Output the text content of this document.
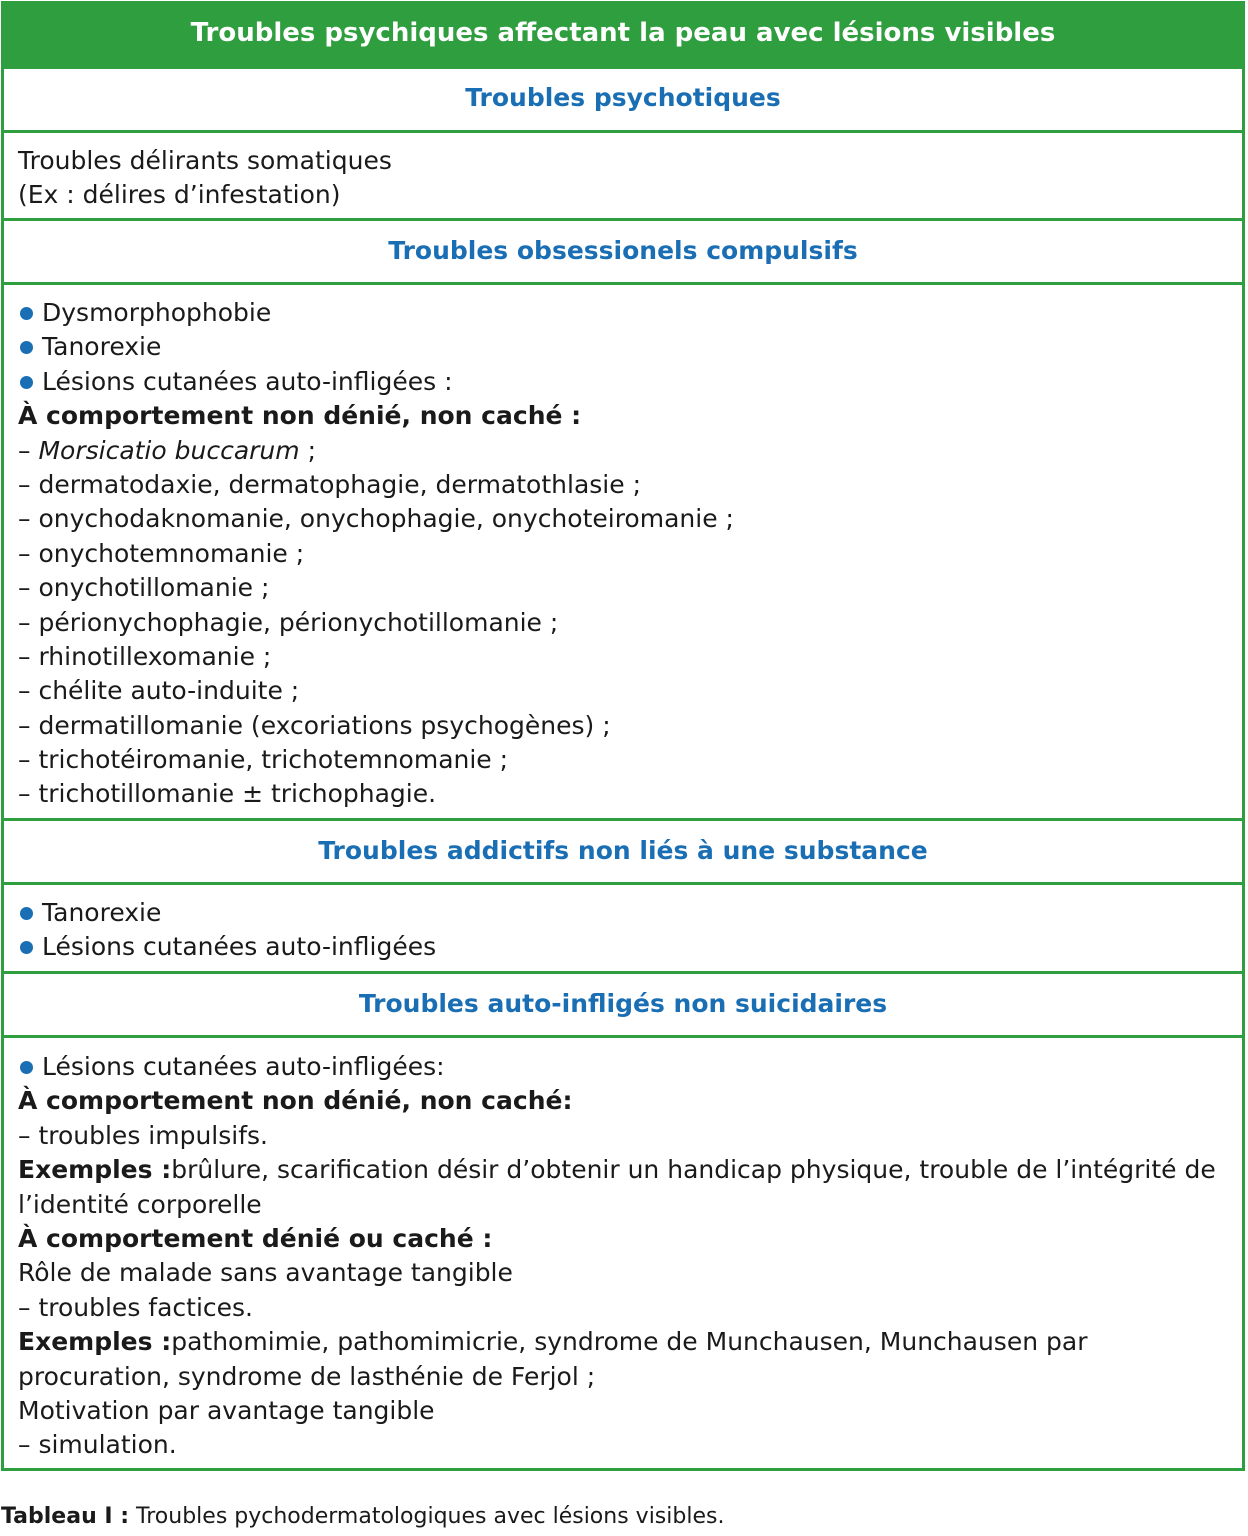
Troubles psychiques affectant la peau avec lésions visibles
Troubles psychotiques
Troubles délirants somatiques
(Ex : délires d’infestation)
Troubles obsessionels compulsifs
Dysmorphophobie
Tanorexie
Lésions cutanées auto-infligées :
À comportement non dénié, non caché :
– Morsicatio buccarum ;
– dermatodaxie, dermatophagie, dermatothlasie ;
– onychodaknomanie, onychophagie, onychoteiromanie ;
– onychotemnomanie ;
– onychotillomanie ;
– périonychophagie, périonychotillomanie ;
– rhinotillexomanie ;
– chélite auto-induite ;
– dermatillomanie (excoriations psychogènes) ;
– trichotéiromanie, trichotemnomanie ;
– trichotillomanie ± trichophagie.
Troubles addictifs non liés à une substance
Tanorexie
Lésions cutanées auto-infligées
Troubles auto-infligés non suicidaires
Lésions cutanées auto-infligées:
À comportement non dénié, non caché:
– troubles impulsifs.
Exemples :brûlure, scarification désir d’obtenir un handicap physique, trouble de l’intégrité de l’identité corporelle
À comportement dénié ou caché :
Rôle de malade sans avantage tangible
– troubles factices.
Exemples :pathomimie, pathomimicrie, syndrome de Munchausen, Munchausen par procuration, syndrome de lasthénie de Ferjol ;
Motivation par avantage tangible
– simulation.
Tableau I : Troubles pychodermatologiques avec lésions visibles.
